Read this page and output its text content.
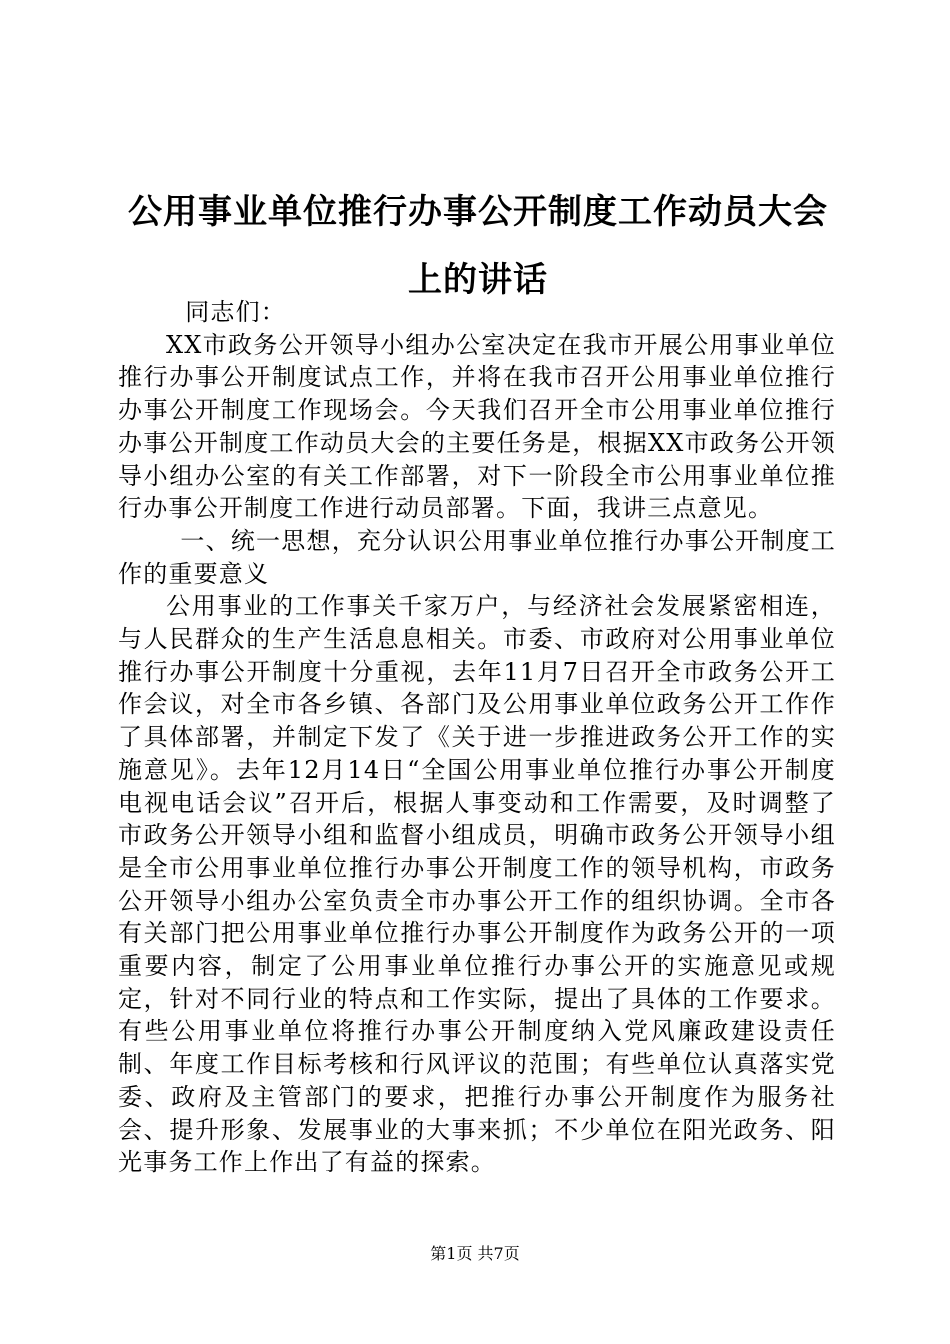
公用事业单位推行办事公开制度工作动员大会上的讲话

同志们：

XX市政务公开领导小组办公室决定在我市开展公用事业单位推行办事公开制度试点工作，并将在我市召开公用事业单位推行办事公开制度工作现场会。今天我们召开全市公用事业单位推行办事公开制度工作动员大会的主要任务是，根据XX市政务公开领导小组办公室的有关工作部署，对下一阶段全市公用事业单位推行办事公开制度工作进行动员部署。下面，我讲三点意见。

一、统一思想，充分认识公用事业单位推行办事公开制度工作的重要意义

公用事业的工作事关千家万户，与经济社会发展紧密相连，与人民群众的生产生活息息相关。市委、市政府对公用事业单位推行办事公开制度十分重视，去年11月7日召开全市政务公开工作会议，对全市各乡镇、各部门及公用事业单位政务公开工作作了具体部署，并制定下发了《关于进一步推进政务公开工作的实施意见》。去年12月14日“全国公用事业单位推行办事公开制度电视电话会议”召开后，根据人事变动和工作需要，及时调整了市政务公开领导小组和监督小组成员，明确市政务公开领导小组是全市公用事业单位推行办事公开制度工作的领导机构，市政务公开领导小组办公室负责全市办事公开工作的组织协调。全市各有关部门把公用事业单位推行办事公开制度作为政务公开的一项重要内容，制定了公用事业单位推行办事公开的实施意见或规定，针对不同行业的特点和工作实际，提出了具体的工作要求。有些公用事业单位将推行办事公开制度纳入党风廉政建设责任制、年度工作目标考核和行风评议的范围；有些单位认真落实党委、政府及主管部门的要求，把推行办事公开制度作为服务社会、提升形象、发展事业的大事来抓；不少单位在阳光政务、阳光事务工作上作出了有益的探索。

第1页 共7页
